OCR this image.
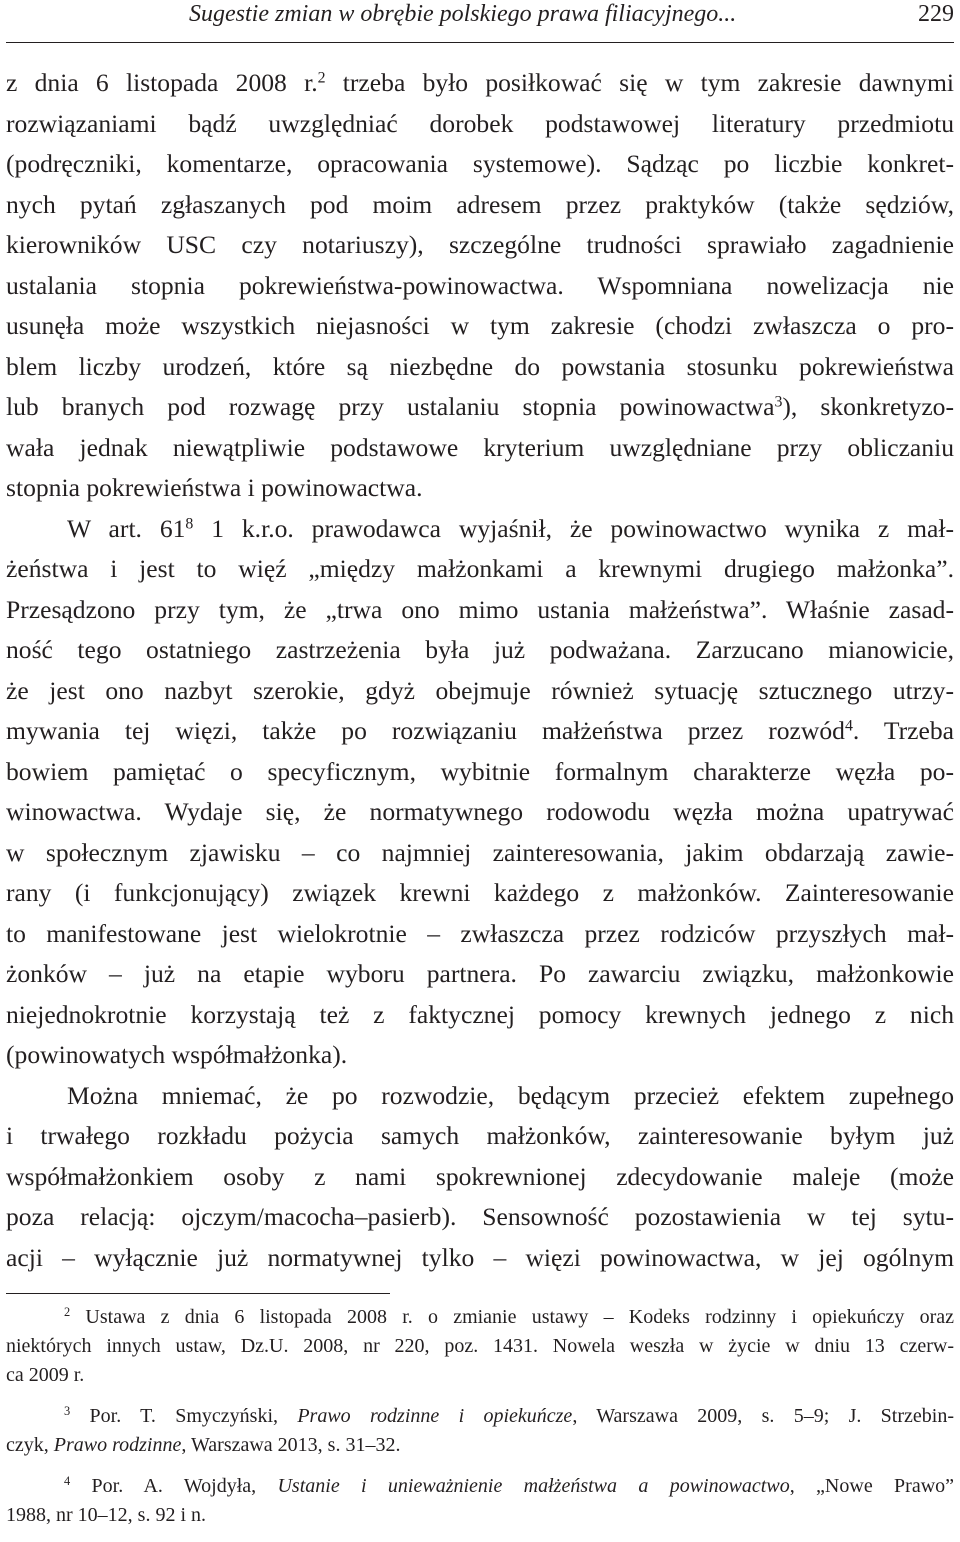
Sugestie zmian w obrębie polskiego prawa filiacyjnego...	229
z dnia 6 listopada 2008 r.$^2$ trzeba było posiłkować się w tym zakresie dawnymi
rozwiązaniami bądź uwzględniać dorobek podstawowej literatury przedmiotu
(podręczniki, komentarze, opracowania systemowe). Sądząc po liczbie konkret-
nych pytań zgłaszanych pod moim adresem przez praktyków (także sędziów,
kierowników USC czy notariuszy), szczególne trudności sprawiało zagadnienie
ustalania stopnia pokrewieństwa-powinowactwa. Wspomniana nowelizacja nie
usunęła może wszystkich niejasności w tym zakresie (chodzi zwłaszcza o pro-
blem liczby urodzeń, które są niezbędne do powstania stosunku pokrewieństwa
lub branych pod rozwagę przy ustalaniu stopnia powinowactwa$^3$), skonkretyzo-
wała jednak niewątpliwie podstawowe kryterium uwzględniane przy obliczaniu
stopnia pokrewieństwa i powinowactwa.
W art. $61^8$ 1 k.r.o. prawodawca wyjaśnił, że powinowactwo wynika z mał-
żeństwa i jest to więź „między małżonkami a krewnymi drugiego małżonka”.
Przesądzono przy tym, że „trwa ono mimo ustania małżeństwa”. Właśnie zasad-
ność tego ostatniego zastrzeżenia była już podważana. Zarzucano mianowicie,
że jest ono nazbyt szerokie, gdyż obejmuje również sytuację sztucznego utrzy-
mywania tej więzi, także po rozwiązaniu małżeństwa przez rozwód$^4$. Trzeba
bowiem pamiętać o specyficznym, wybitnie formalnym charakterze węzła po-
winowactwa. Wydaje się, że normatywnego rodowodu węzła można upatrywać
w społecznym zjawisku – co najmniej zainteresowania, jakim obdarzają zawie-
rany (i funkcjonujący) związek krewni każdego z małżonków. Zainteresowanie
to manifestowane jest wielokrotnie – zwłaszcza przez rodziców przyszłych mał-
żonków – już na etapie wyboru partnera. Po zawarciu związku, małżonkowie
niejednokrotnie korzystają też z faktycznej pomocy krewnych jednego z nich
(powinowatych współmałżonka).
Można mniemać, że po rozwodzie, będącym przecież efektem zupełnego
i trwałego rozkładu pożycia samych małżonków, zainteresowanie byłym już
współmałżonkiem osoby z nami spokrewnionej zdecydowanie maleje (może
poza relacją: ojczym/macocha–pasierb). Sensowność pozostawienia w tej sytu-
acji – wyłącznie już normatywnej tylko – więzi powinowactwa, w jej ogólnym
$^2$ Ustawa z dnia 6 listopada 2008 r. o zmianie ustawy – Kodeks rodzinny i opiekuńczy oraz
niektórych innych ustaw, Dz.U. 2008, nr 220, poz. 1431. Nowela weszła w życie w dniu 13 czerw-
ca 2009 r.
$^3$ Por. T. Smyczyński, Prawo rodzinne i opiekuńcze, Warszawa 2009, s. 5–9; J. Strzebin-
czyk, Prawo rodzinne, Warszawa 2013, s. 31–32.
$^4$ Por. A. Wojdyła, Ustanie i unieważnienie małżeństwa a powinowactwo, „Nowe Prawo”
1988, nr 10–12, s. 92 i n.
